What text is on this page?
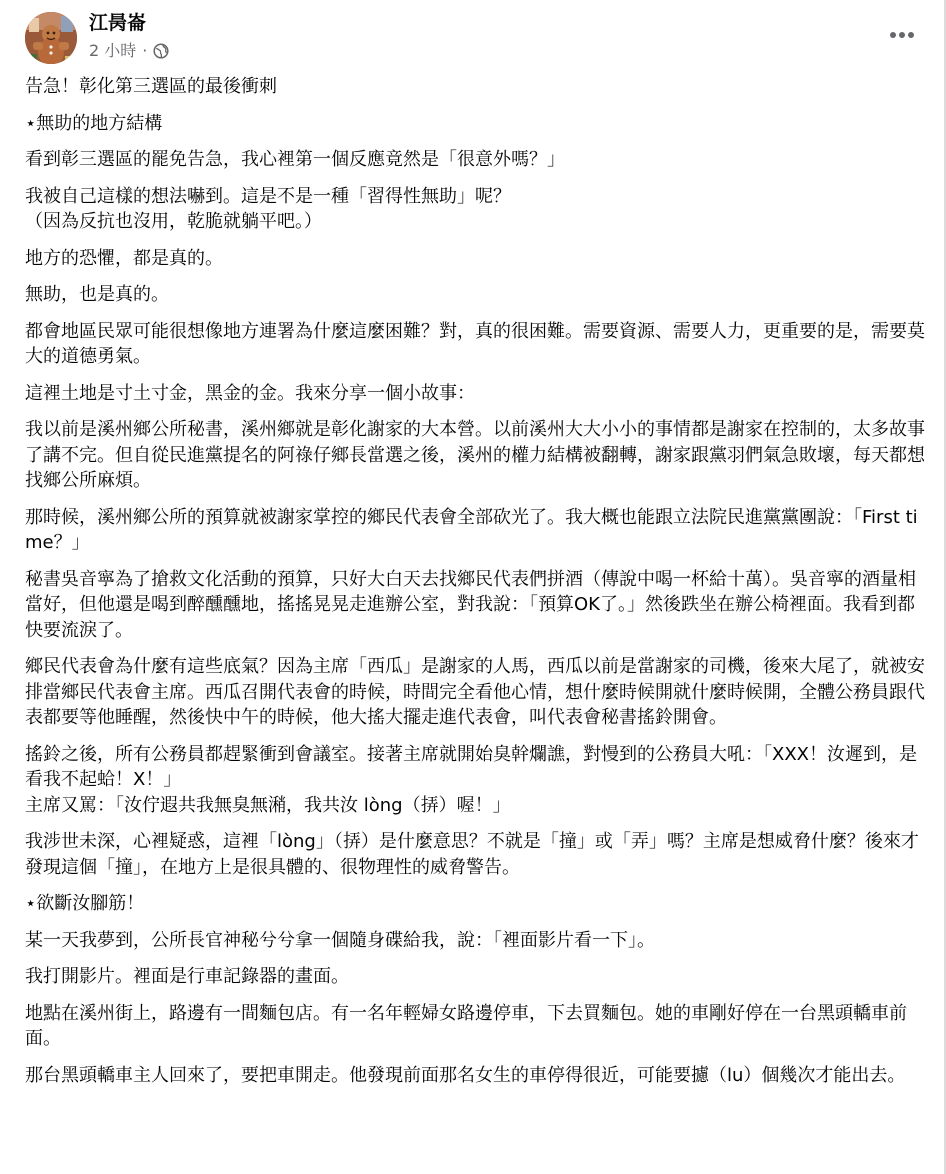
江昺崙
2 小時 ·

告急！彰化第三選區的最後衝刺

⋆無助的地方結構

看到彰三選區的罷免告急，我心裡第一個反應竟然是「很意外嗎？」

我被自己這樣的想法嚇到。這是不是一種「習得性無助」呢？
（因為反抗也沒用，乾脆就躺平吧。）

地方的恐懼，都是真的。

無助，也是真的。

都會地區民眾可能很想像地方連署為什麼這麼困難？對，真的很困難。需要資源、需要人力，更重要的是，需要莫大的道德勇氣。

這裡土地是寸土寸金，黑金的金。我來分享一個小故事：

我以前是溪州鄉公所秘書，溪州鄉就是彰化謝家的大本營。以前溪州大大小小的事情都是謝家在控制的，太多故事了講不完。但自從民進黨提名的阿祿仔鄉長當選之後，溪州的權力結構被翻轉，謝家跟黨羽們氣急敗壞，每天都想找鄉公所麻煩。

那時候，溪州鄉公所的預算就被謝家掌控的鄉民代表會全部砍光了。我大概也能跟立法院民進黨黨團說：「First time？」

秘書吳音寧為了搶救文化活動的預算，只好大白天去找鄉民代表們拼酒（傳說中喝一杯給十萬）。吳音寧的酒量相當好，但他還是喝到醉醺醺地，搖搖晃晃走進辦公室，對我說：「預算OK了。」然後跌坐在辦公椅裡面。我看到都快要流淚了。

鄉民代表會為什麼有這些底氣？因為主席「西瓜」是謝家的人馬，西瓜以前是當謝家的司機，後來大尾了，就被安排當鄉民代表會主席。西瓜召開代表會的時候，時間完全看他心情，想什麼時候開就什麼時候開，全體公務員跟代表都要等他睡醒，然後快中午的時候，他大搖大擺走進代表會，叫代表會秘書搖鈴開會。

搖鈴之後，所有公務員都趕緊衝到會議室。接著主席就開始臭幹爛譙，對慢到的公務員大吼：「XXX！汝遲到，是看我不起蛤！X！」
主席又罵：「汝佇遐共我無臭無潲，我共汝 lòng（挵）喔！」

我涉世未深，心裡疑惑，這裡「lòng」（挵）是什麼意思？不就是「撞」或「弄」嗎？主席是想威脅什麼？後來才發現這個「撞」，在地方上是很具體的、很物理性的威脅警告。

⋆欲斷汝腳筋！

某一天我夢到，公所長官神秘兮兮拿一個隨身碟給我，說：「裡面影片看一下」。

我打開影片。裡面是行車記錄器的畫面。

地點在溪州街上，路邊有一間麵包店。有一名年輕婦女路邊停車，下去買麵包。她的車剛好停在一台黑頭轎車前面。

那台黑頭轎車主人回來了，要把車開走。他發現前面那名女生的車停得很近，可能要攄（lu）個幾次才能出去。
